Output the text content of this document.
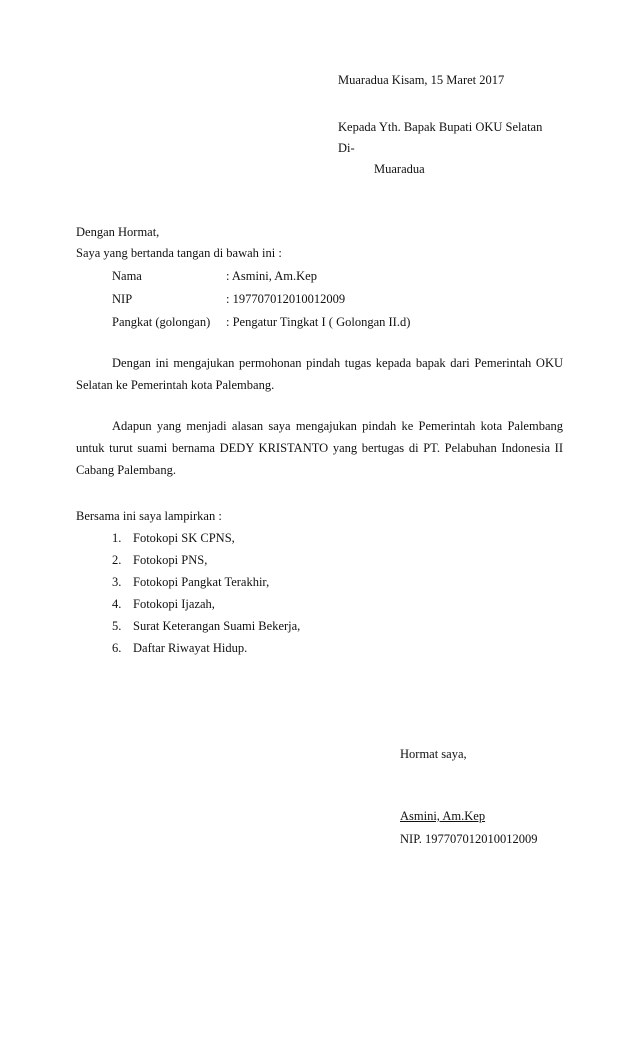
Muaradua Kisam, 15 Maret 2017
Kepada Yth. Bapak Bupati OKU Selatan
Di-
Muaradua
Dengan Hormat,
Saya yang bertanda tangan di bawah ini :
Nama	: Asmini, Am.Kep
NIP	: 197707012010012009
Pangkat (golongan) : Pengatur Tingkat I ( Golongan II.d)
Dengan ini mengajukan permohonan pindah tugas kepada bapak dari Pemerintah OKU
Selatan ke Pemerintah kota Palembang.
Adapun yang menjadi alasan saya mengajukan pindah ke Pemerintah kota Palembang
untuk turut suami bernama DEDY KRISTANTO yang bertugas di PT. Pelabuhan Indonesia II
Cabang Palembang.
Bersama ini saya lampirkan :
1. Fotokopi SK CPNS,
2. Fotokopi PNS,
3. Fotokopi Pangkat Terakhir,
4. Fotokopi Ijazah,
5. Surat Keterangan Suami Bekerja,
6. Daftar Riwayat Hidup.
Hormat saya,
Asmini, Am.Kep
NIP. 197707012010012009
